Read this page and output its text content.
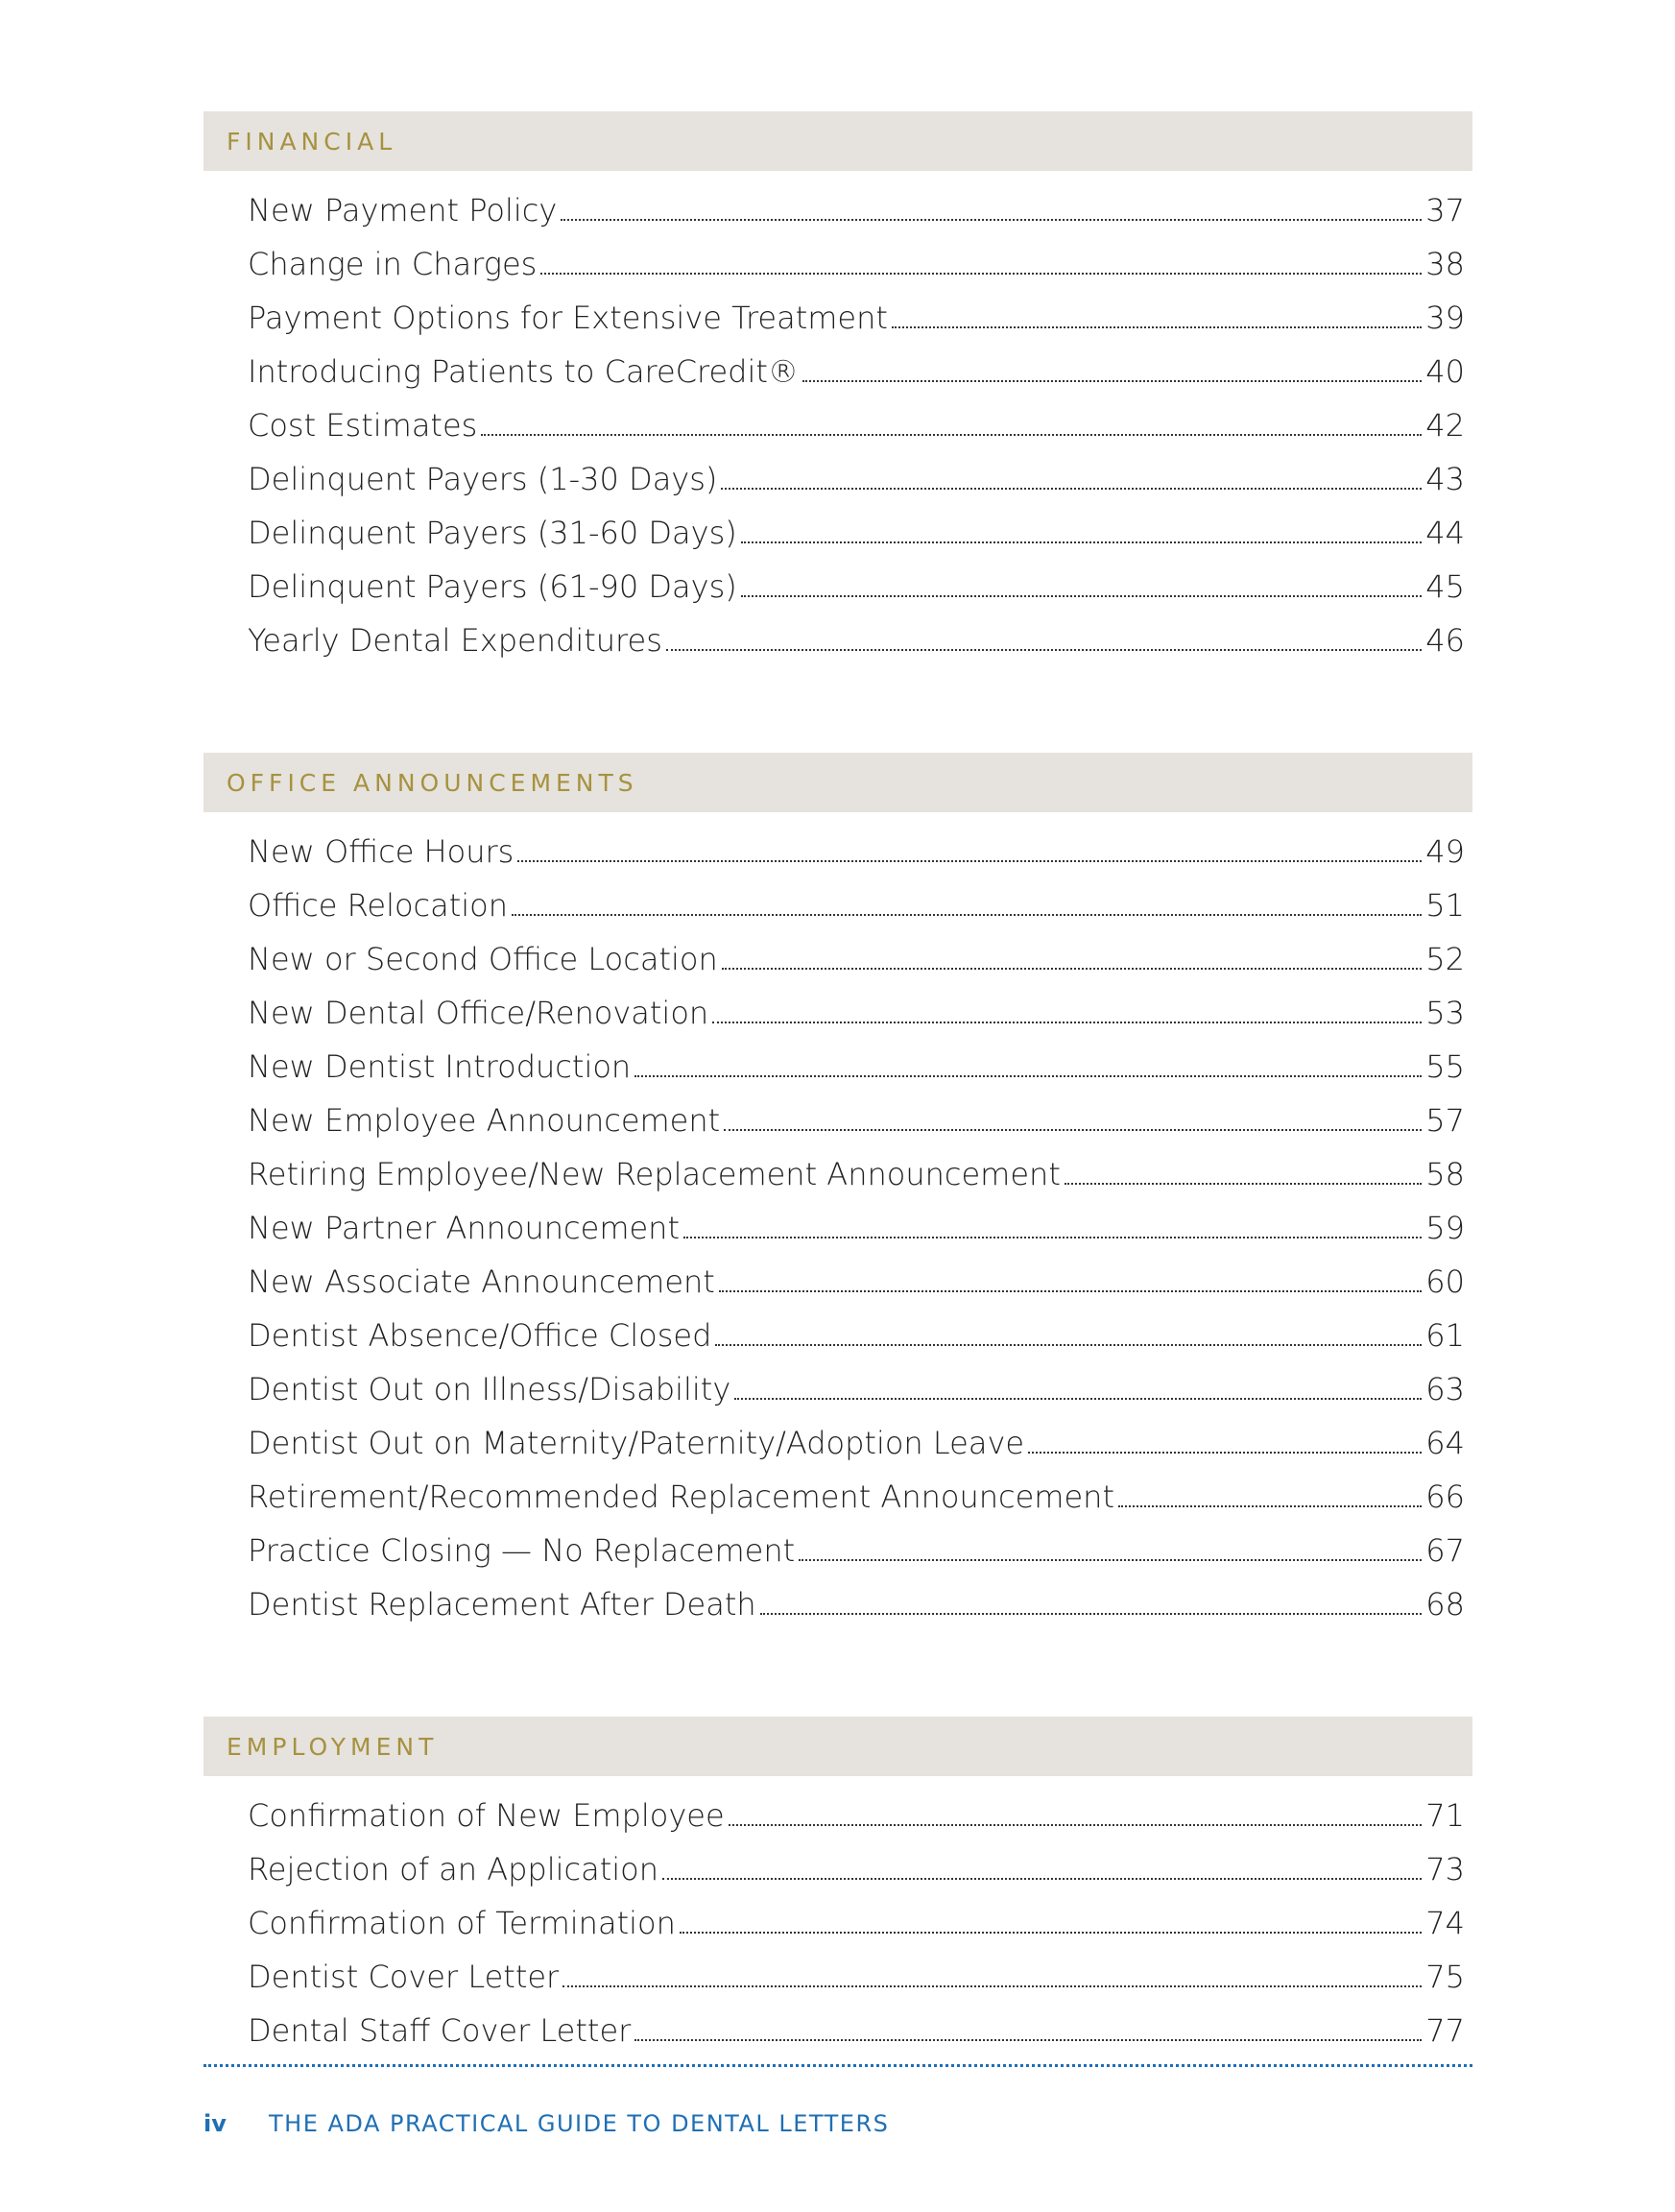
FINANCIAL
New Payment Policy	37
Change in Charges	38
Payment Options for Extensive Treatment	39
Introducing Patients to CareCredit®	40
Cost Estimates	42
Delinquent Payers (1-30 Days)	43
Delinquent Payers (31-60 Days)	44
Delinquent Payers (61-90 Days)	45
Yearly Dental Expenditures	46
OFFICE ANNOUNCEMENTS
New Office Hours	49
Office Relocation	51
New or Second Office Location	52
New Dental Office/Renovation	53
New Dentist Introduction	55
New Employee Announcement	57
Retiring Employee/New Replacement Announcement	58
New Partner Announcement	59
New Associate Announcement	60
Dentist Absence/Office Closed	61
Dentist Out on Illness/Disability	63
Dentist Out on Maternity/Paternity/Adoption Leave	64
Retirement/Recommended Replacement Announcement	66
Practice Closing — No Replacement	67
Dentist Replacement After Death	68
EMPLOYMENT
Confirmation of New Employee	71
Rejection of an Application	73
Confirmation of Termination	74
Dentist Cover Letter	75
Dental Staff Cover Letter	77
iv	THE ADA PRACTICAL GUIDE TO DENTAL LETTERS
